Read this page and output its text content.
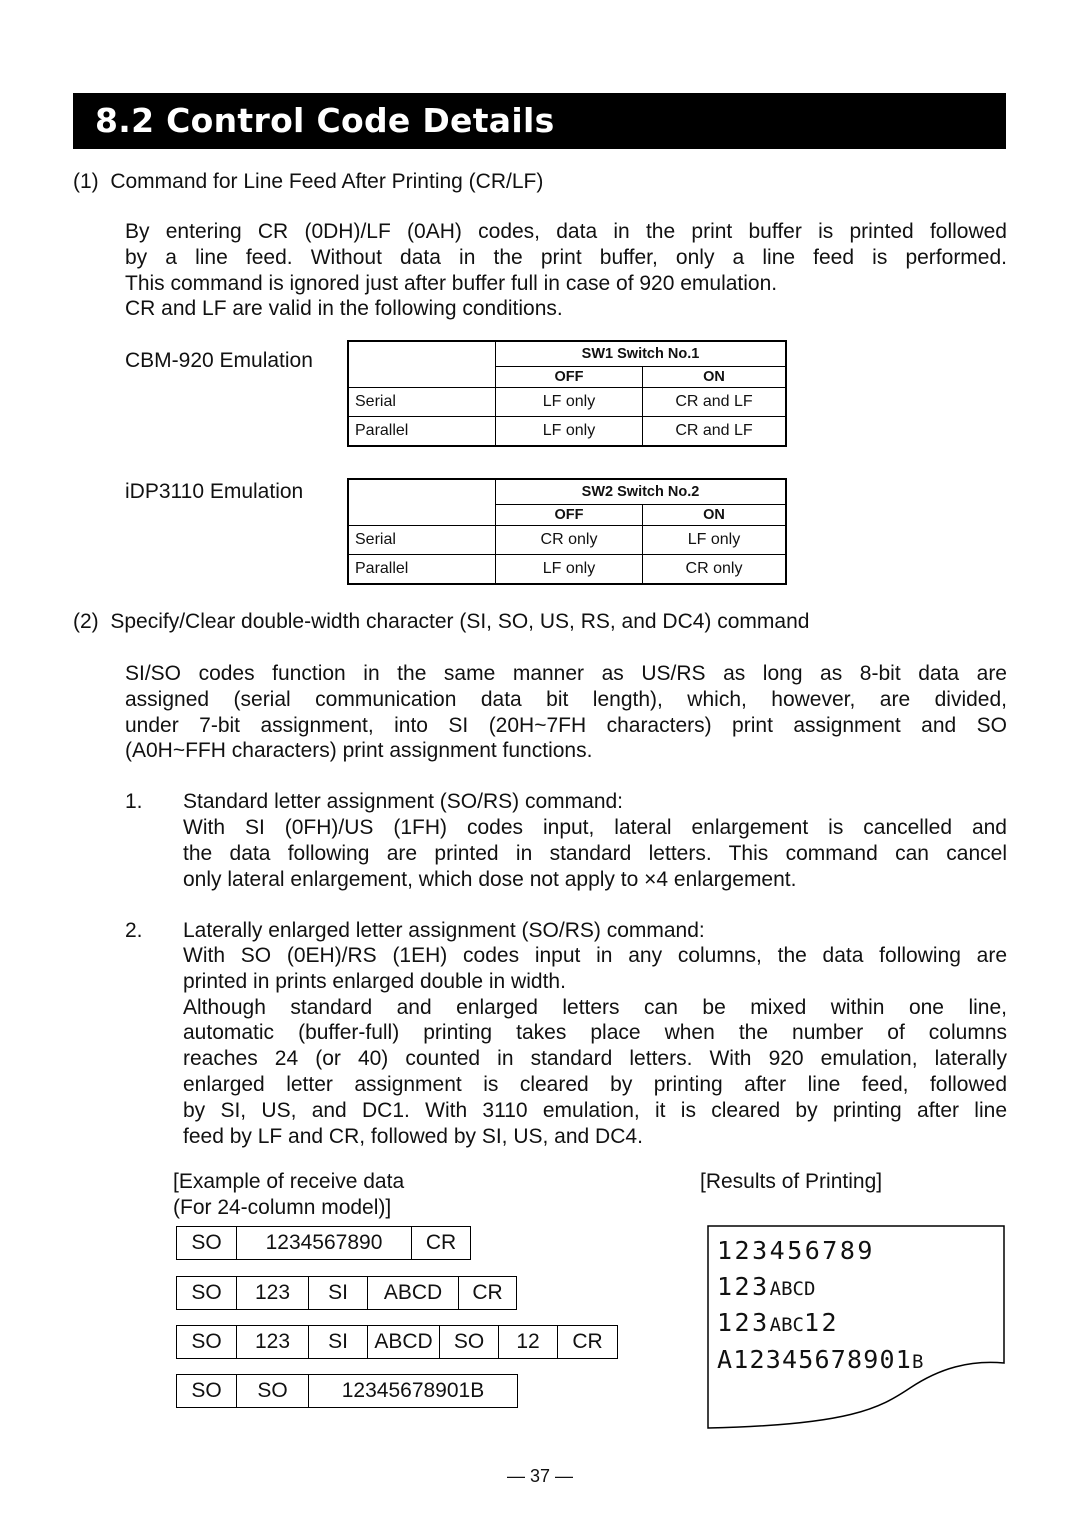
8.2 Control Code Details
(1)  Command for Line Feed After Printing (CR/LF)
By entering CR (0DH)/LF (0AH) codes, data in the print buffer is printed followed
by a line feed. Without data in the print buffer, only a line feed is performed.
This command is ignored just after buffer full in case of 920 emulation.
CR and LF are valid in the following conditions.
CBM-920 Emulation
		SW1 Switch No.1	
	OFF	ON
Serial	LF only	CR and LF
Parallel	LF only	CR and LF
iDP3110 Emulation
		SW2 Switch No.2	
	OFF	ON
Serial	CR only	LF only
Parallel	LF only	CR only
(2)  Specify/Clear double-width character (SI, SO, US, RS, and DC4) command
SI/SO codes function in the same manner as US/RS as long as 8-bit data are
assigned (serial communication data bit length), which, however, are divided,
under 7-bit assignment, into SI (20H~7FH characters) print assignment and SO
(A0H~FFH characters) print assignment functions.
1. Standard letter assignment (SO/RS) command:
With SI (0FH)/US (1FH) codes input, lateral enlargement is cancelled and
the data following are printed in standard letters. This command can cancel
only lateral enlargement, which dose not apply to ×4 enlargement.
2. Laterally enlarged letter assignment (SO/RS) command:
With SO (0EH)/RS (1EH) codes input in any columns, the data following are
printed in prints enlarged double in width.
Although standard and enlarged letters can be mixed within one line,
automatic (buffer-full) printing takes place when the number of columns
reaches 24 (or 40) counted in standard letters. With 920 emulation, laterally
enlarged letter assignment is cleared by printing after line feed, followed
by SI, US, and DC1. With 3110 emulation, it is cleared by printing after line
feed by LF and CR, followed by SI, US, and DC4.
[Example of receive data
(For 24-column model)]
[Results of Printing]
SO	1234567890	CR
SO	123	SI	ABCD	CR
SO	123	SI	ABCD	SO	12	CR
SO	SO	12345678901B
123456789
123ABCD
123ABC12
A12345678901B
— 37 —
